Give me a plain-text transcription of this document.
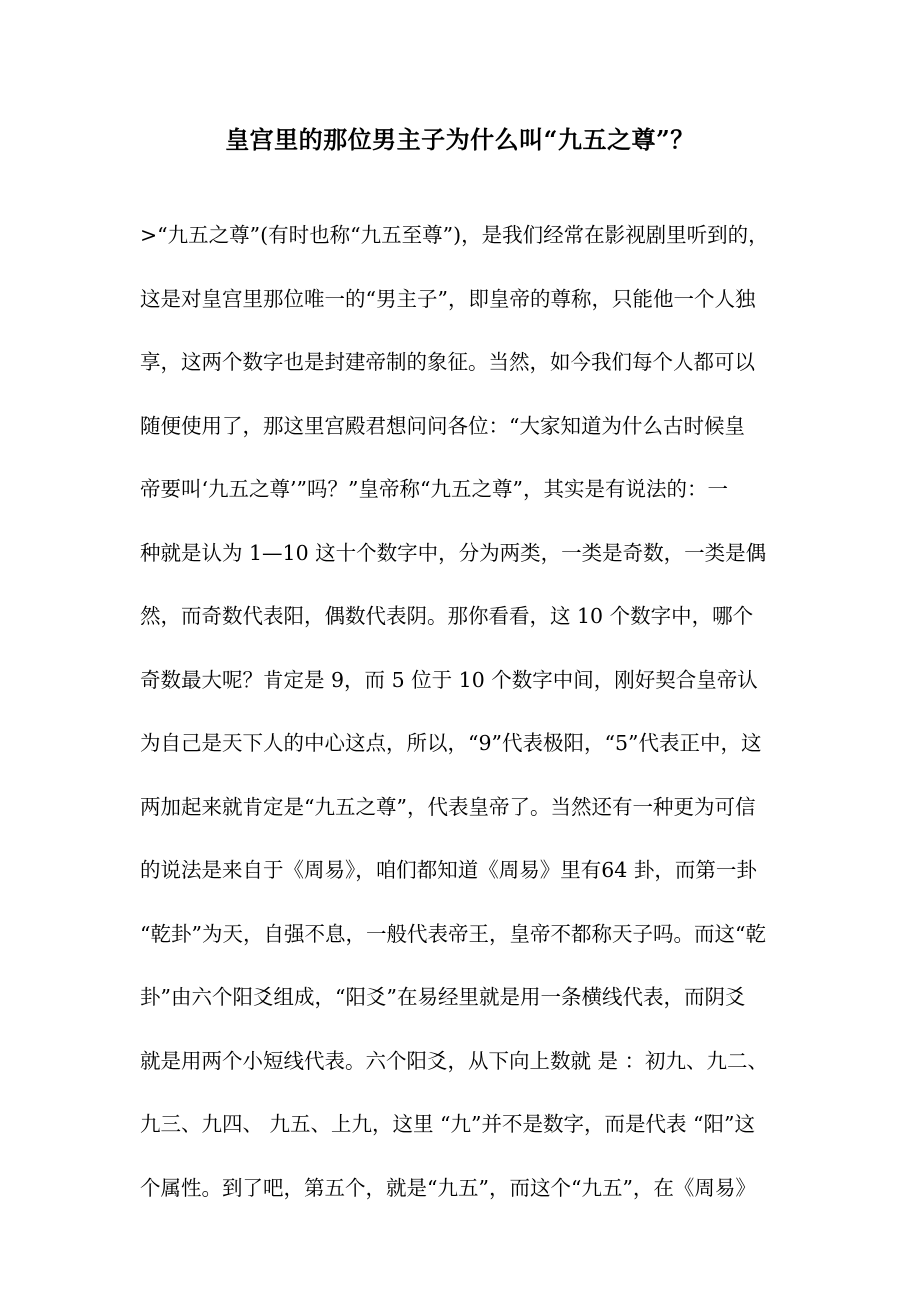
皇宫里的那位男主子为什么叫“九五之尊”？
>“九五之尊”(有时也称“九五至尊”)，是我们经常在影视剧里听到的，
这是对皇宫里那位唯一的“男主子”，即皇帝的尊称，只能他一个人独
享，这两个数字也是封建帝制的象征。当然，如今我们每个人都可以
随便使用了，那这里宫殿君想问问各位：“大家知道为什么古时候皇
帝要叫‘九五之尊’”吗？”皇帝称“九五之尊”，其实是有说法的：一
种就是认为 1—10 这十个数字中，分为两类，一类是奇数，一类是偶
然，而奇数代表阳，偶数代表阴。那你看看，这 10 个数字中，哪个
奇数最大呢？肯定是 9，而 5 位于 10 个数字中间，刚好契合皇帝认
为自己是天下人的中心这点，所以，“9”代表极阳，“5”代表正中，这
两加起来就肯定是“九五之尊”，代表皇帝了。当然还有一种更为可信
的说法是来自于《周易》，咱们都知道《周易》里有64 卦，而第一卦
“乾卦”为天，自强不息，一般代表帝王，皇帝不都称天子吗。而这“乾
卦”由六个阳爻组成，“阳爻”在易经里就是用一条横线代表，而阴爻
就是用两个小短线代表。六个阳爻，从下向上数就 是 ：初九、九二、
九三、九四、 九五、上九，这里 “九”并不是数字，而是代表 “阳”这
个属性。到了吧，第五个，就是“九五”，而这个“九五”，在《周易》
